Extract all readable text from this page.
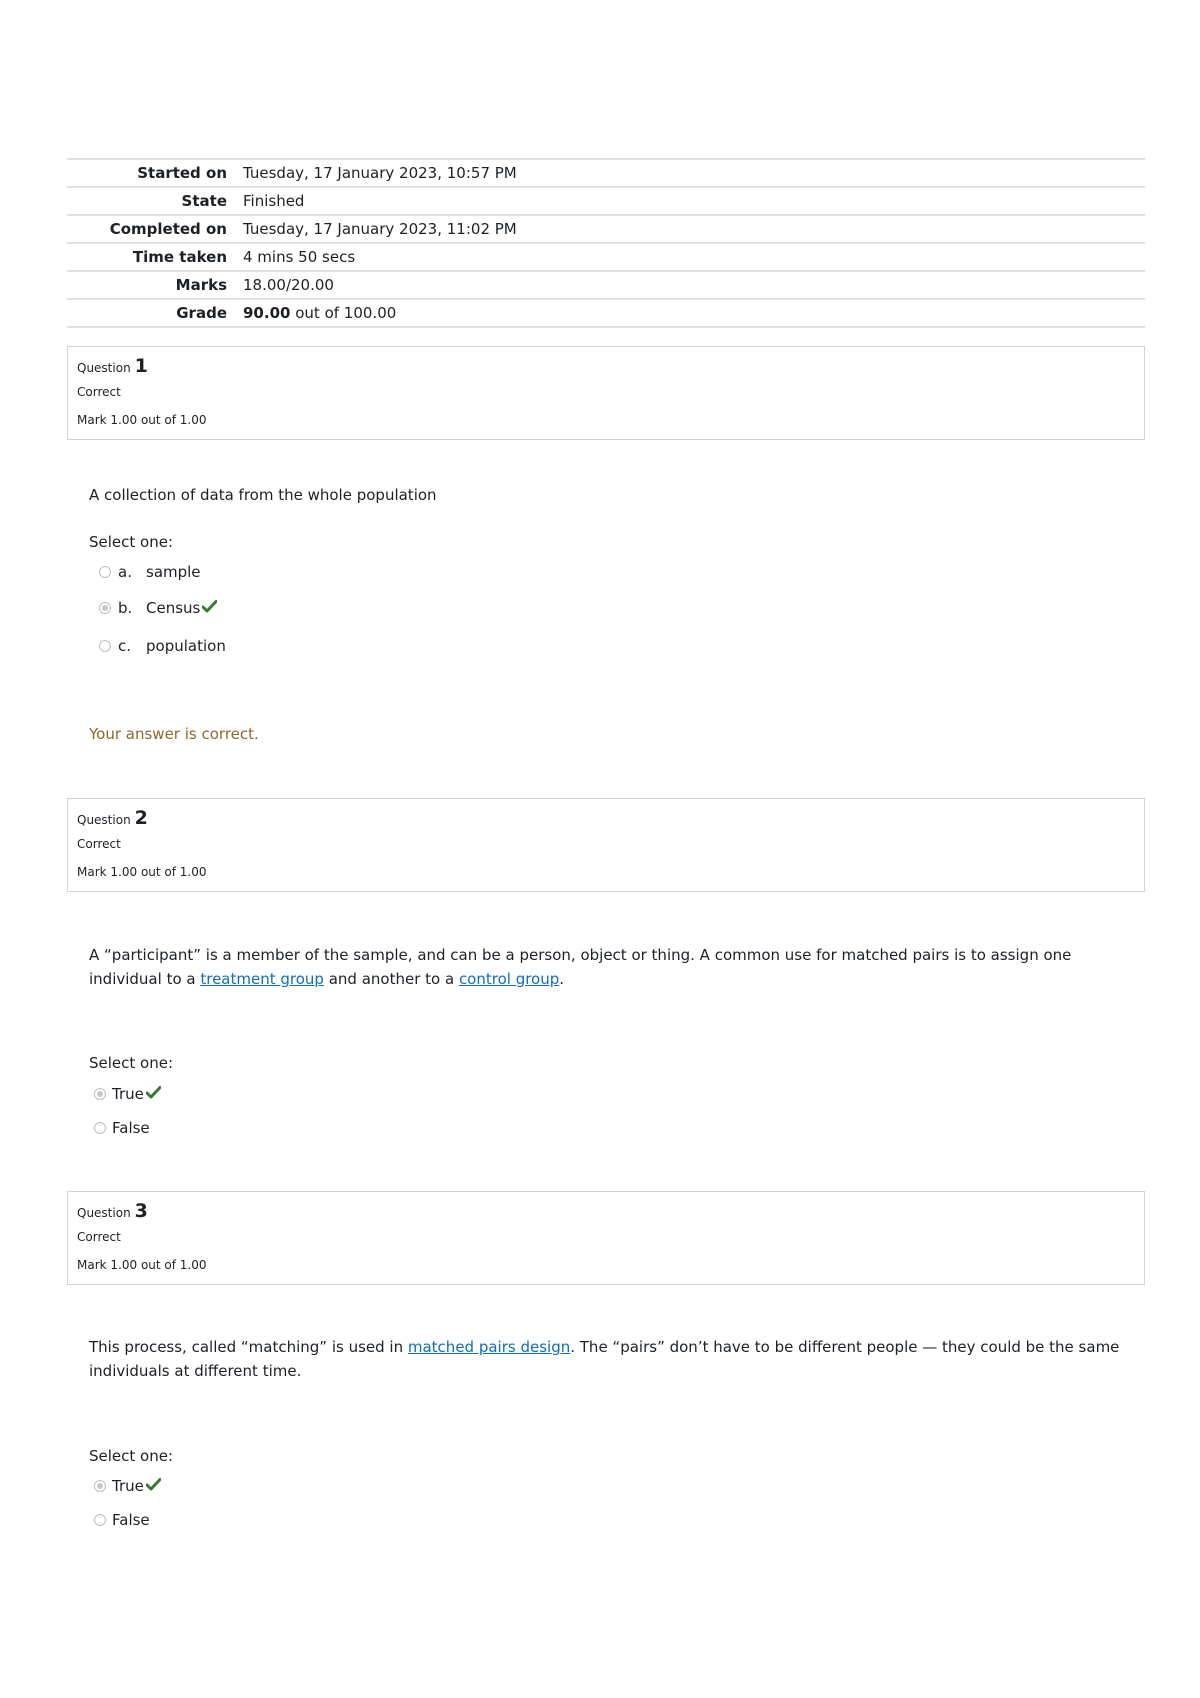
Started on	Tuesday, 17 January 2023, 10:57 PM
State	Finished
Completed on	Tuesday, 17 January 2023, 11:02 PM
Time taken	4 mins 50 secs
Marks	18.00/20.00
Grade	90.00 out of 100.00
Question 1
Correct
Mark 1.00 out of 1.00
A collection of data from the whole population
Select one:
a. sample
b. Census
c. population
Your answer is correct.
Question 2
Correct
Mark 1.00 out of 1.00
A “participant” is a member of the sample, and can be a person, object or thing. A common use for matched pairs is to assign one individual to a treatment group and another to a control group.
Select one:
True
False
Question 3
Correct
Mark 1.00 out of 1.00
This process, called “matching” is used in matched pairs design. The “pairs” don’t have to be different people — they could be the same individuals at different time.
Select one:
True
False
